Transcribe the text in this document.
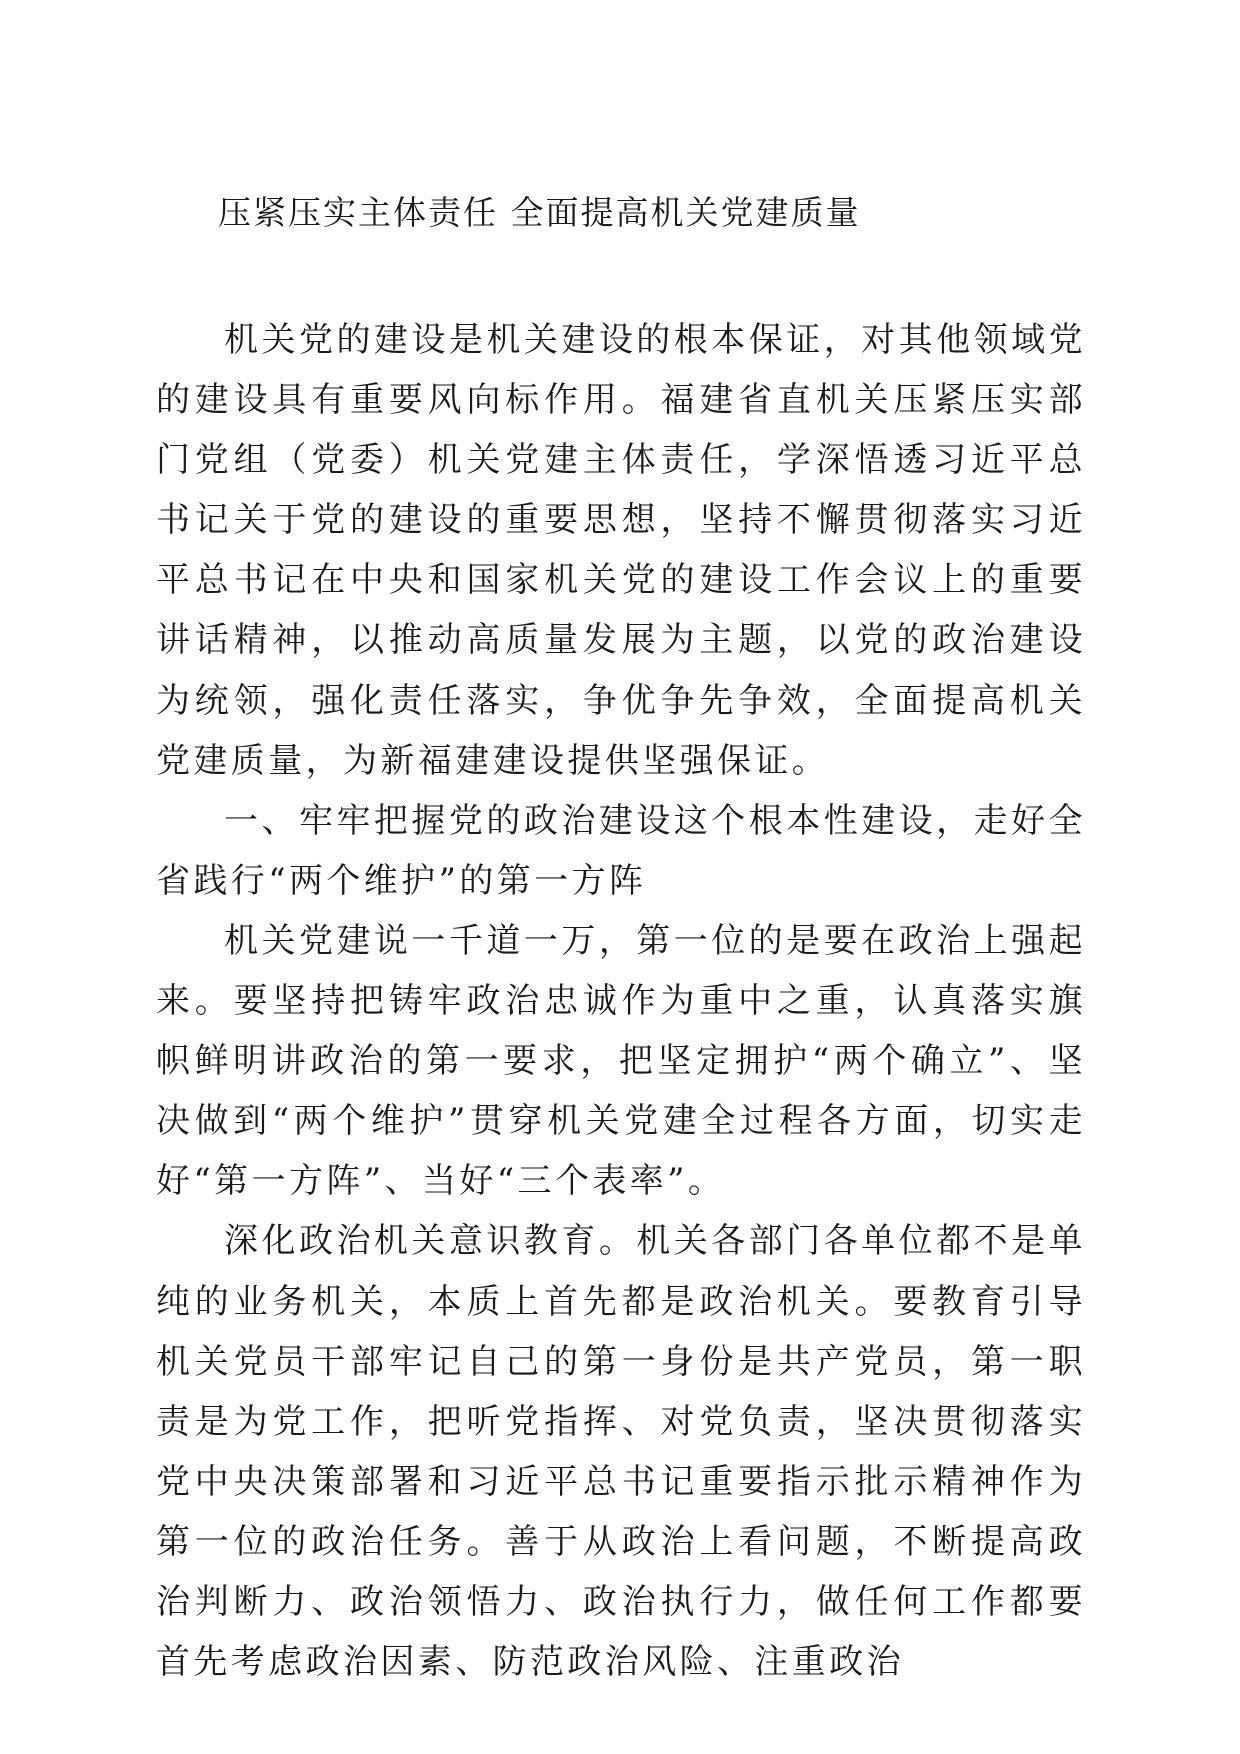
压紧压实主体责任 全面提高机关党建质量

机关党的建设是机关建设的根本保证，对其他领域党的建设具有重要风向标作用。福建省直机关压紧压实部门党组（党委）机关党建主体责任，学深悟透习近平总书记关于党的建设的重要思想，坚持不懈贯彻落实习近平总书记在中央和国家机关党的建设工作会议上的重要讲话精神，以推动高质量发展为主题，以党的政治建设为统领，强化责任落实，争优争先争效，全面提高机关党建质量，为新福建建设提供坚强保证。

一、牢牢把握党的政治建设这个根本性建设，走好全省践行“两个维护”的第一方阵

机关党建说一千道一万，第一位的是要在政治上强起来。要坚持把铸牢政治忠诚作为重中之重，认真落实旗帜鲜明讲政治的第一要求，把坚定拥护“两个确立”、坚决做到“两个维护”贯穿机关党建全过程各方面，切实走好“第一方阵”、当好“三个表率”。

深化政治机关意识教育。机关各部门各单位都不是单纯的业务机关，本质上首先都是政治机关。要教育引导机关党员干部牢记自己的第一身份是共产党员，第一职责是为党工作，把听党指挥、对党负责，坚决贯彻落实党中央决策部署和习近平总书记重要指示批示精神作为第一位的政治任务。善于从政治上看问题，不断提高政治判断力、政治领悟力、政治执行力，做任何工作都要首先考虑政治因素、防范政治风险、注重政治
